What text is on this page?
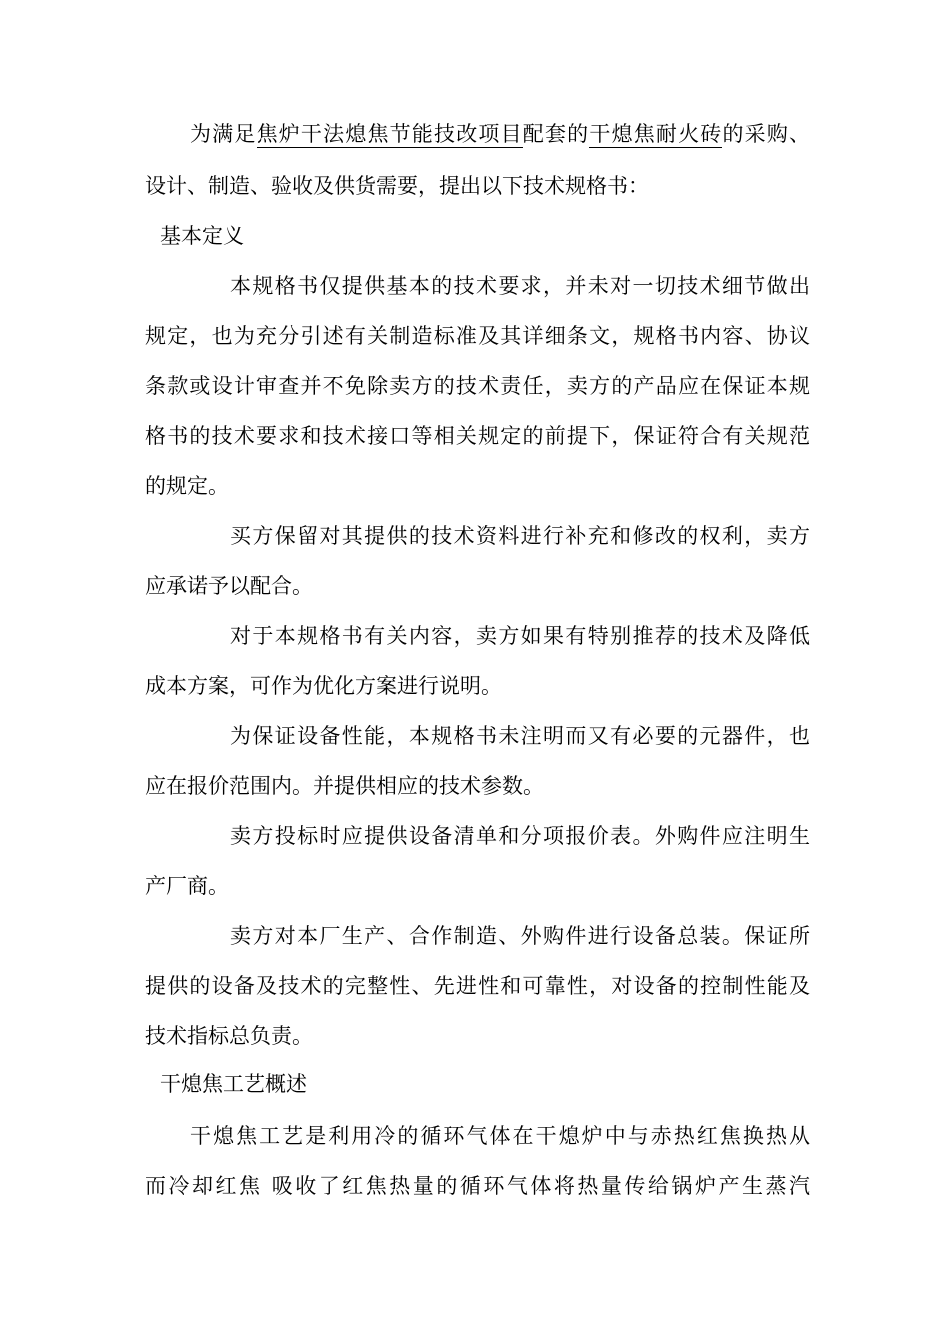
为满足焦炉干法熄焦节能技改项目配套的干熄焦耐火砖的采购、
设计、制造、验收及供货需要，提出以下技术规格书：
基本定义
本规格书仅提供基本的技术要求，并未对一切技术细节做出
规定，也为充分引述有关制造标准及其详细条文，规格书内容、协议
条款或设计审查并不免除卖方的技术责任，卖方的产品应在保证本规
格书的技术要求和技术接口等相关规定的前提下，保证符合有关规范
的规定。
买方保留对其提供的技术资料进行补充和修改的权利，卖方
应承诺予以配合。
对于本规格书有关内容，卖方如果有特别推荐的技术及降低
成本方案，可作为优化方案进行说明。
为保证设备性能，本规格书未注明而又有必要的元器件，也
应在报价范围内。并提供相应的技术参数。
卖方投标时应提供设备清单和分项报价表。外购件应注明生
产厂商。
卖方对本厂生产、合作制造、外购件进行设备总装。保证所
提供的设备及技术的完整性、先进性和可靠性，对设备的控制性能及
技术指标总负责。
干熄焦工艺概述
干熄焦工艺是利用冷的循环气体在干熄炉中与赤热红焦换热从
而冷却红焦 吸收了红焦热量的循环气体将热量传给锅炉产生蒸汽
